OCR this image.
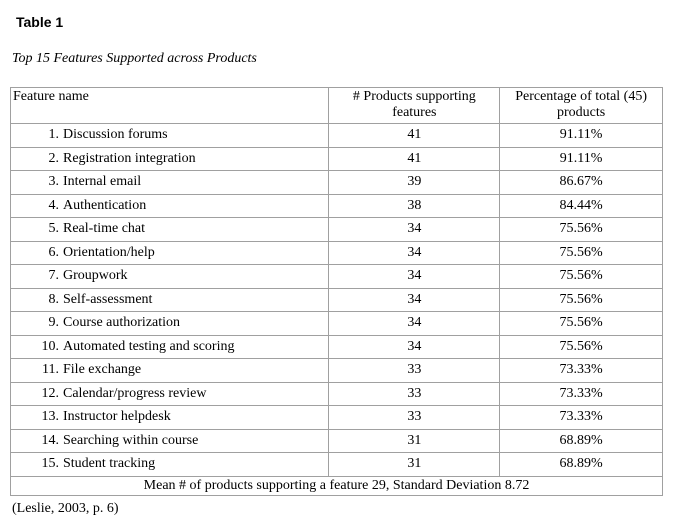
Table 1
Top 15 Features Supported across Products
Feature name	# Products supporting features	Percentage of total (45) products
1. Discussion forums	41	91.11%
2. Registration integration	41	91.11%
3. Internal email	39	86.67%
4. Authentication	38	84.44%
5. Real-time chat	34	75.56%
6. Orientation/help	34	75.56%
7. Groupwork	34	75.56%
8. Self-assessment	34	75.56%
9. Course authorization	34	75.56%
10. Automated testing and scoring	34	75.56%
11. File exchange	33	73.33%
12. Calendar/progress review	33	73.33%
13. Instructor helpdesk	33	73.33%
14. Searching within course	31	68.89%
15. Student tracking	31	68.89%
Mean # of products supporting a feature 29, Standard Deviation 8.72		
(Leslie, 2003, p. 6)
